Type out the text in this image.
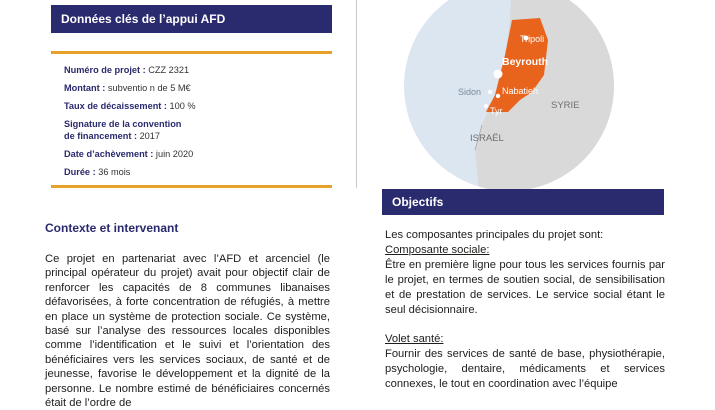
Données clés de l’appui AFD
Numéro de projet : CZZ 2321
Montant : subventio n de 5 M€
Taux de décaissement : 100 %
Signature de la convention
de financement : 2017
Date d’achèvement : juin 2020
Durée : 36 mois
Contexte et intervenant
Ce projet en partenariat avec l’AFD et arcenciel (le principal opérateur du projet) avait pour objectif clair de renforcer les capacités de 8 communes libanaises défavorisées, à forte concentration de réfugiés, à mettre en place un système de protection sociale. Ce système, basé sur l’analyse des ressources locales disponibles comme l’identification et le suivi et l’orientation des bénéficiaires vers les services sociaux, de santé et de jeunesse, favorise le développement et la dignité de la personne. Le nombre estimé de bénéficiaires concernés était de l’ordre de
Tripoli
Beyrouth
Sidon Nabatieh
Tyr	SYRIE
ISRAËL
Objectifs

Les composantes principales du projet sont:

Composante sociale:

Être en première ligne pour tous les services fournis par le projet, en termes de soutien social, de sensibilisation et de prestation de services. Le service social étant le seul décisionnaire.

Volet santé:

Fournir des services de santé de base, physiothérapie, psychologie, dentaire, médicaments et services connexes, le tout en coordination avec l’équipe
